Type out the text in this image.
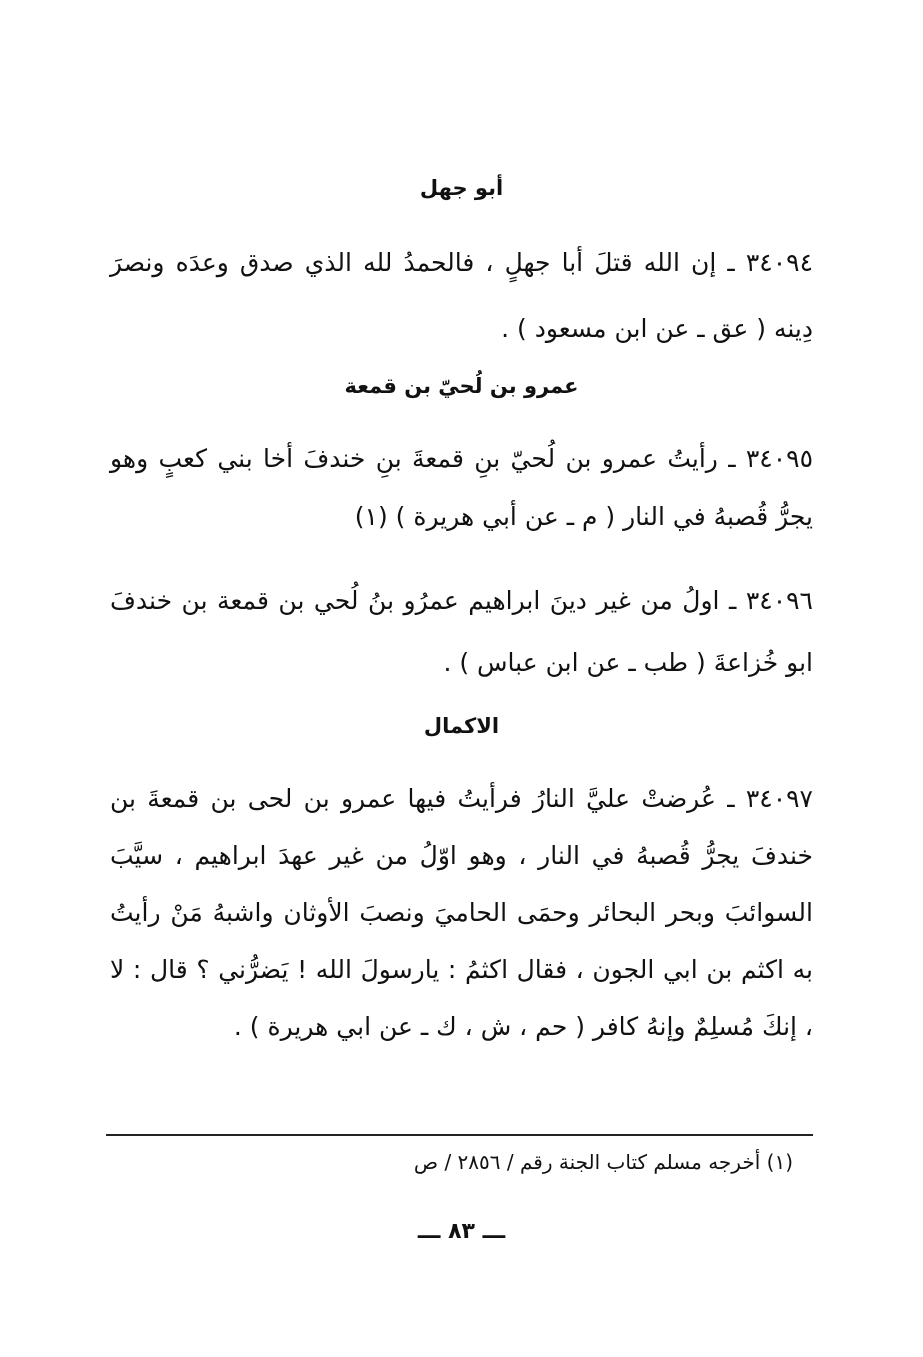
أبو جهل

٣٤٠٩٤ ـ إن الله قتلَ أبا جهلٍ ، فالحمدُ لله الذي صدق وعدَه ونصرَ دِينه ( عق ـ عن ابن مسعود ) .

عمرو بن لُحيّ بن قمعة

٣٤٠٩٥ ـ رأيتُ عمرو بن لُحيّ بنِ قمعةَ بنِ خندفَ أخا بني كعبٍ وهو يجرُّ قُصبهُ في النار ( م ـ عن أبي هريرة ) (١)

٣٤٠٩٦ ـ اولُ من غير دينَ ابراهيم عمرُو بنُ لُحي بن قمعة بن خندفَ ابو خُزاعةَ ( طب ـ عن ابن عباس ) .

الاكمال

٣٤٠٩٧ ـ عُرضتْ عليَّ النارُ فرأيتُ فيها عمرو بن لحى بن قمعةَ بن خندفَ يجرُّ قُصبهُ في النار ، وهو اوّلُ من غير عهدَ ابراهيم ، سيَّبَ السوائبَ وبحر البحائر وحمَى الحاميَ ونصبَ الأوثان واشبهُ مَنْ رأيتُ به اكثم بن ابي الجون ، فقال اكثمُ : يارسولَ الله ! يَضرُّني ؟ قال : لا ، إنكَ مُسلِمٌ وإنهُ كافر ( حم ، ش ، ك ـ عن ابي هريرة ) .

(١) أخرجه مسلم كتاب الجنة رقم / ٢٨٥٦ / ص
ـــ ٨٣ ـــ
